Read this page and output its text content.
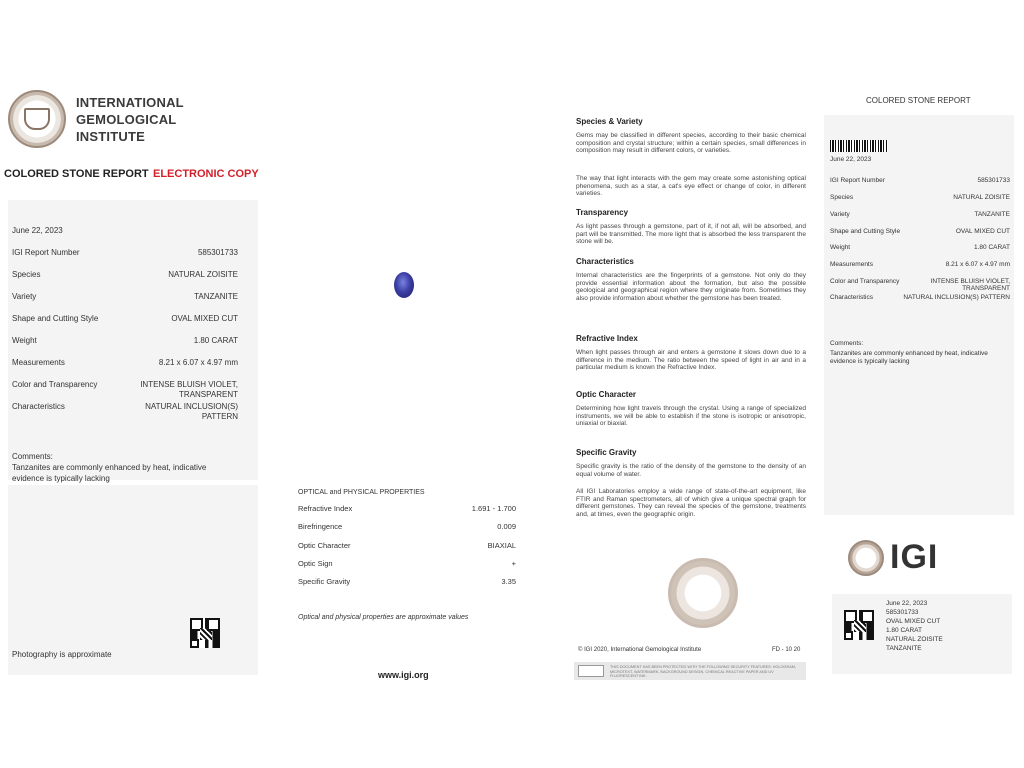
INTERNATIONAL
GEMOLOGICAL
INSTITUTE
COLORED STONE REPORT ELECTRONIC COPY
June 22, 2023
IGI Report Number	585301733
Species	NATURAL ZOISITE
Variety	TANZANITE
Shape and Cutting Style	OVAL MIXED CUT
Weight	1.80 CARAT
Measurements	8.21 x 6.07 x 4.97 mm
Color and Transparency	INTENSE BLUISH VIOLET,
TRANSPARENT
Characteristics	NATURAL INCLUSION(S)
PATTERN
Comments:
Tanzanites are commonly enhanced by heat, indicative
evidence is typically lacking
Photography is approximate
OPTICAL and PHYSICAL PROPERTIES
Refractive Index	1.691 - 1.700
Birefringence	0.009
Optic Character	BIAXIAL
Optic Sign	+
Specific Gravity	3.35
Optical and physical properties are approximate values
www.igi.org
Species & Variety
Gems may be classified in different species, according to their basic chemical composition and crystal structure; within a certain species, small differences in composition may result in different colors, or varieties.
The way that light interacts with the gem may create some astonishing optical phenomena, such as a star, a cat's eye effect or change of color, in different varieties.
Transparency
As light passes through a gemstone, part of it, if not all, will be absorbed, and part will be transmitted. The more light that is absorbed the less transparent the stone will be.
Characteristics
Internal characteristics are the fingerprints of a gemstone. Not only do they provide essential information about the formation, but also the possible geological and geographical region where they originate from. Sometimes they also provide information about whether the gemstone has been treated.
Refractive Index
When light passes through air and enters a gemstone it slows down due to a difference in the medium. The ratio between the speed of light in air and in a particular medium is known the Refractive Index.
Optic Character
Determining how light travels through the crystal. Using a range of specialized instruments, we will be able to establish if the stone is isotropic or anisotropic, uniaxial or biaxial.
Specific Gravity
Specific gravity is the ratio of the density of the gemstone to the density of an equal volume of water.
All IGI Laboratories employ a wide range of state-of-the-art equipment, like FTIR and Raman spectrometers, all of which give a unique spectral graph for different gemstones. They can reveal the species of the gemstone, treatments and, at times, even the geographic origin.
© IGI 2020, International Gemological Institute	FD - 10 20
THIS DOCUMENT HAS BEEN PROTECTED WITH THE FOLLOWING SECURITY FEATURES: HOLOGRAM, MICROTEXT, WATERMARK, BACKGROUND DESIGN, CHEMICAL REACTIVE PAPER AND UV FLUORESCENT INK.
COLORED STONE REPORT
June 22, 2023
IGI Report Number	585301733
Species	NATURAL ZOISITE
Variety	TANZANITE
Shape and Cutting Style	OVAL MIXED CUT
Weight	1.80 CARAT
Measurements	8.21 x 6.07 x 4.97 mm
Color and Transparency	INTENSE BLUISH VIOLET,
TRANSPARENT
Characteristics	NATURAL INCLUSION(S) PATTERN
Comments:
Tanzanites are commonly enhanced by heat, indicative
evidence is typically lacking
IGI
June 22, 2023
585301733
OVAL MIXED CUT
1.80 CARAT
NATURAL ZOISITE
TANZANITE
